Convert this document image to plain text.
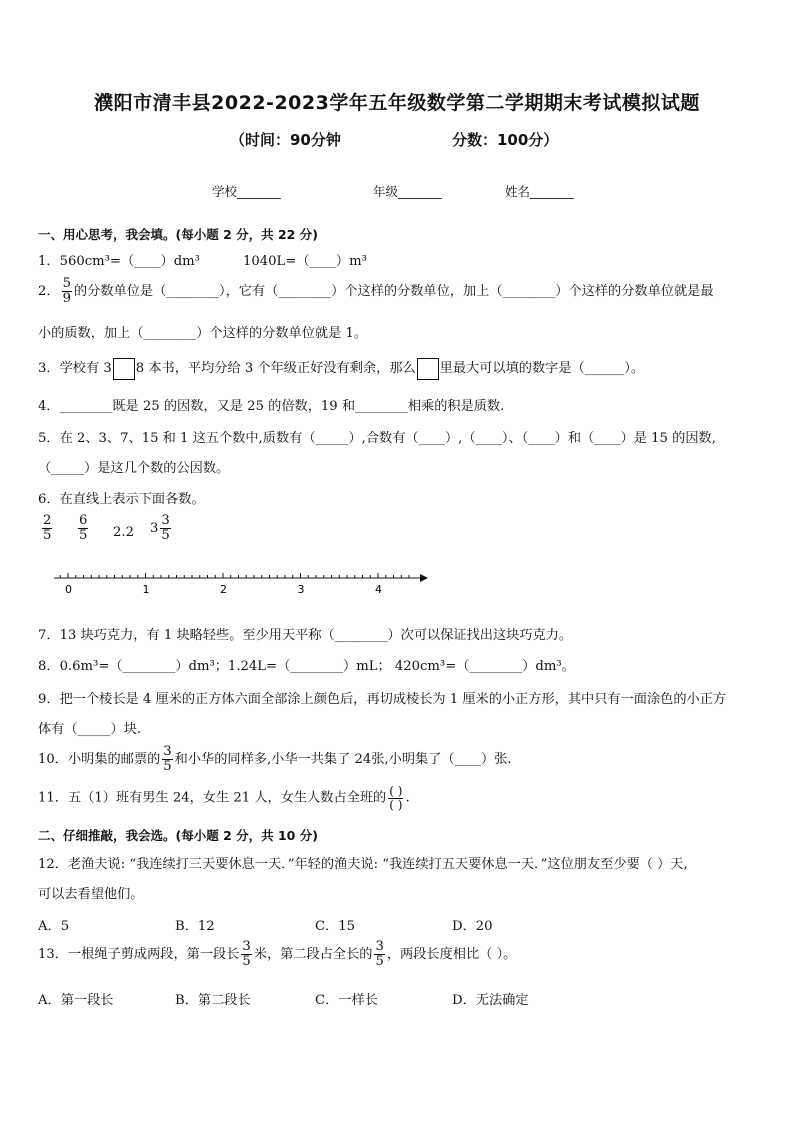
濮阳市清丰县2022-2023学年五年级数学第二学期期末考试模拟试题
（时间：90分钟	分数：100分）
学校_______	年级_______	姓名_______
一、用心思考，我会填。(每小题 2 分，共 22 分)
1．560cm³=（____）dm³	1040L=（____）m³
2． $\frac{5}{9}$ 的分数单位是（________），它有（________）个这样的分数单位，加上（________）个这样的分数单位就是最
小的质数，加上（________）个这样的分数单位就是 1。
3．学校有 3 8 本书，平均分给 3 个年级正好没有剩余，那么 里最大可以填的数字是（______）。
4．________既是 25 的因数，又是 25 的倍数，19 和________相乘的积是质数.
5．在 2、3、7、15 和 1 这五个数中,质数有（_____）,合数有（____）,（____）、（____）和（____）是 15 的因数,
（_____）是这几个数的公因数。
6．在直线上表示下面各数。
$\frac{2}{5} \frac{6}{5} 2.2$ $3 \frac{3}{5}$
0	1	2	3	4
7．13 块巧克力，有 1 块略轻些。至少用天平称（________）次可以保证找出这块巧克力。
8．0.6m³=（________）dm³；1.24L=（________）mL； 420cm³=（________）dm³。
9．把一个棱长是 4 厘米的正方体六面全部涂上颜色后，再切成棱长为 1 厘米的小正方形，其中只有一面涂色的小正方
体有（_____）块.
10．小明集的邮票的 $\frac{3}{5}$ 和小华的同样多,小华一共集了 24张,小明集了（____）张.
11．五（1）班有男生 24，女生 21 人，女生人数占全班的 $\frac{( )}{( )}$ .
二、仔细推敲，我会选。(每小题 2 分，共 10 分)
12．老渔夫说: “我连续打三天要休息一天．”年轻的渔夫说: “我连续打五天要休息一天．”这位朋友至少要（ ）天,
可以去看望他们。
A．5	B．12	C．15	D．20
13．一根绳子剪成两段，第一段长 $\frac{3}{5}$ 米，第二段占全长的 $\frac{3}{5}$ ，两段长度相比（ ）。
A．第一段长	B．第二段长	C．一样长	D．无法确定
